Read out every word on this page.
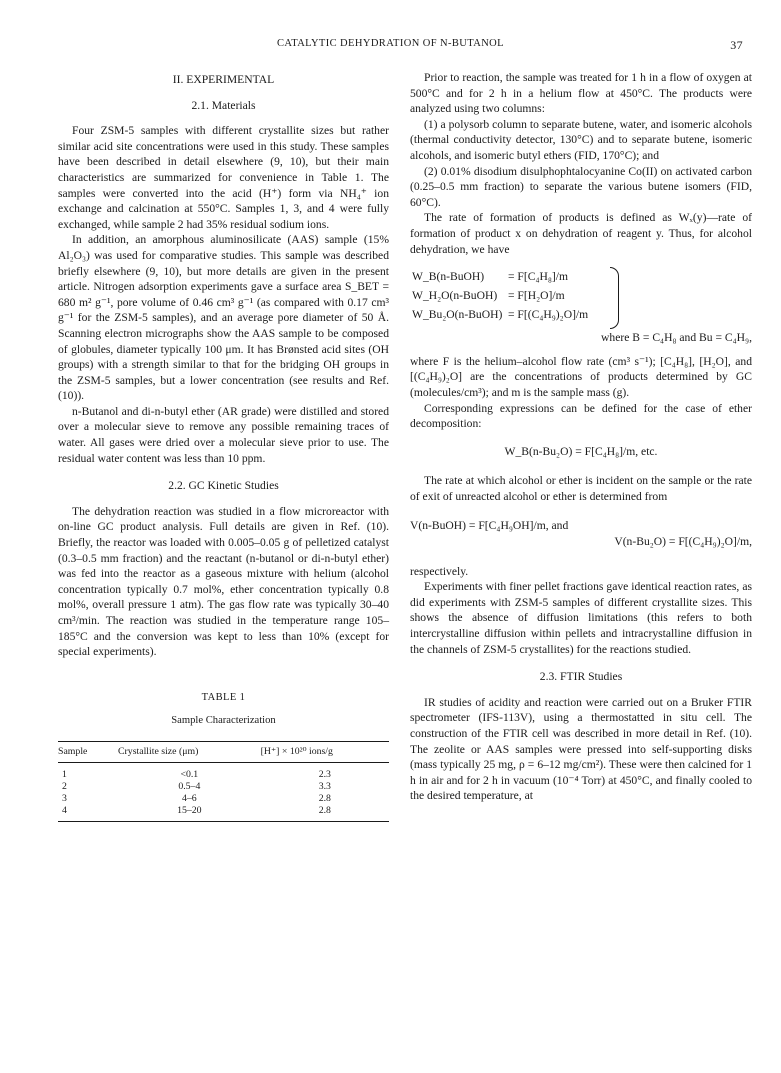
CATALYTIC DEHYDRATION OF N-BUTANOL	37

II. EXPERIMENTAL

2.1. Materials

Four ZSM-5 samples with different crystallite sizes but rather similar acid site concentrations were used in this study. These samples have been described in detail elsewhere (9, 10), but their main characteristics are summarized for convenience in Table 1. The samples were converted into the acid (H⁺) form via NH₄⁺ ion exchange and calcination at 550°C. Samples 1, 3, and 4 were fully exchanged, while sample 2 had 35% residual sodium ions.

In addition, an amorphous aluminosilicate (AAS) sample (15% Al₂O₃) was used for comparative studies. This sample was described briefly elsewhere (9, 10), but more details are given in the present article. Nitrogen adsorption experiments gave a surface area S_BET = 680 m² g⁻¹, pore volume of 0.46 cm³ g⁻¹ (as compared with 0.17 cm³ g⁻¹ for the ZSM-5 samples), and an average pore diameter of 50 Å. Scanning electron micrographs show the AAS sample to be composed of globules, diameter typically 100 μm. It has Brønsted acid sites (OH groups) with a strength similar to that for the bridging OH groups in the ZSM-5 samples, but a lower concentration (see results and Ref. (10)).

n-Butanol and di-n-butyl ether (AR grade) were distilled and stored over a molecular sieve to remove any possible remaining traces of water. All gases were dried over a molecular sieve prior to use. The residual water content was less than 10 ppm.

2.2. GC Kinetic Studies

The dehydration reaction was studied in a flow microreactor with on-line GC product analysis. Full details are given in Ref. (10). Briefly, the reactor was loaded with 0.005–0.05 g of pelletized catalyst (0.3–0.5 mm fraction) and the reactant (n-butanol or di-n-butyl ether) was fed into the reactor as a gaseous mixture with helium (alcohol concentration typically 0.7 mol%, ether concentration typically 0.8 mol%, overall pressure 1 atm). The gas flow rate was typically 30–40 cm³/min. The reaction was studied in the temperature range 105–185°C and the conversion was kept to less than 10% (except for special experiments).

TABLE 1
Sample Characterization
Sample	Crystallite size (μm)	[H⁺] × 10²⁰ ions/g
1	<0.1	2.3
2	0.5–4	3.3
3	4–6	2.8
4	15–20	2.8

Prior to reaction, the sample was treated for 1 h in a flow of oxygen at 500°C and for 2 h in a helium flow at 450°C. The products were analyzed using two columns:

(1) a polysorb column to separate butene, water, and isomeric alcohols (thermal conductivity detector, 130°C) and to separate butene, isomeric alcohols, and isomeric butyl ethers (FID, 170°C); and

(2) 0.01% disodium disulphophtalocyanine Co(II) on activated carbon (0.25–0.5 mm fraction) to separate the various butene isomers (FID, 60°C).

The rate of formation of products is defined as Wₓ(y)—rate of formation of product x on dehydration of reagent y. Thus, for alcohol dehydration, we have

W_B(n-BuOH)	= F[C₄H₈]/m
W_H₂O(n-BuOH) = F[H₂O]/m
W_Bu₂O(n-BuOH) = F[(C₄H₉)₂O]/m

where B = C₄H₈ and Bu = C₄H₉,

where F is the helium–alcohol flow rate (cm³ s⁻¹); [C₄H₈], [H₂O], and [(C₄H₉)₂O] are the concentrations of products determined by GC (molecules/cm³); and m is the sample mass (g).

Corresponding expressions can be defined for the case of ether decomposition:

W_B(n-Bu₂O) = F[C₄H₈]/m, etc.

The rate at which alcohol or ether is incident on the sample or the rate of exit of unreacted alcohol or ether is determined from

V(n-BuOH) = F[C₄H₉OH]/m, and

V(n-Bu₂O) = F[(C₄H₉)₂O]/m,

respectively.

Experiments with finer pellet fractions gave identical reaction rates, as did experiments with ZSM-5 samples of different crystallite sizes. This shows the absence of diffusion limitations (this refers to both intercrystalline diffusion within pellets and intracrystalline diffusion in the channels of ZSM-5 crystallites) for the reactions studied.

2.3. FTIR Studies

IR studies of acidity and reaction were carried out on a Bruker FTIR spectrometer (IFS-113V), using a thermostatted in situ cell. The construction of the FTIR cell was described in more detail in Ref. (10). The zeolite or AAS samples were pressed into self-supporting disks (mass typically 25 mg, ρ = 6–12 mg/cm²). These were then calcined for 1 h in air and for 2 h in vacuum (10⁻⁴ Torr) at 450°C, and finally cooled to the desired temperature, at
